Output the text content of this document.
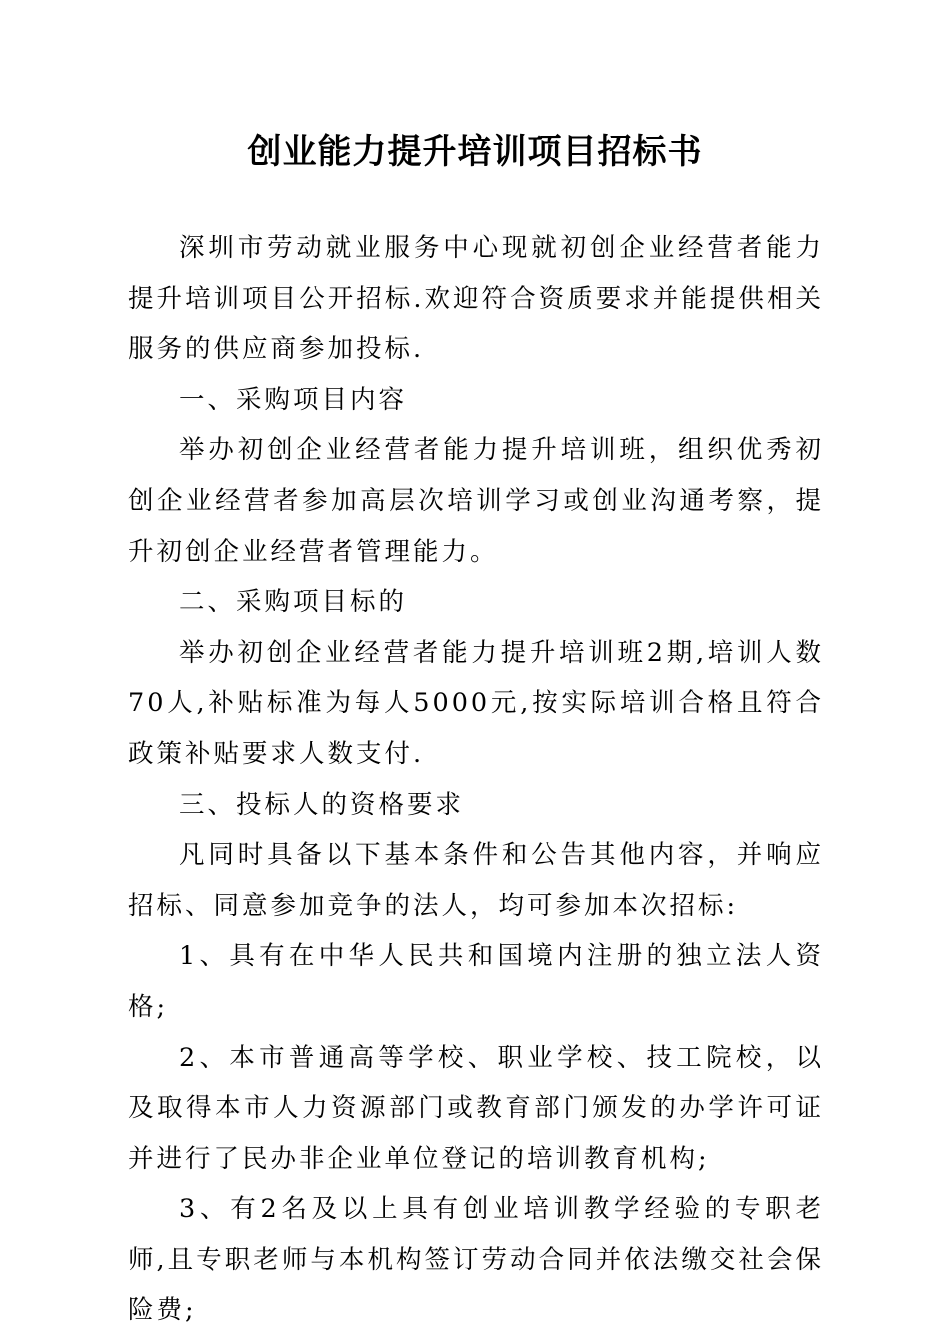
创业能力提升培训项目招标书

深圳市劳动就业服务中心现就初创企业经营者能力提升培训项目公开招标.欢迎符合资质要求并能提供相关服务的供应商参加投标.

一、采购项目内容

举办初创企业经营者能力提升培训班，组织优秀初创企业经营者参加高层次培训学习或创业沟通考察，提升初创企业经营者管理能力。

二、采购项目标的

举办初创企业经营者能力提升培训班2期,培训人数70人,补贴标准为每人5000元,按实际培训合格且符合政策补贴要求人数支付.

三、投标人的资格要求

凡同时具备以下基本条件和公告其他内容，并响应招标、同意参加竞争的法人，均可参加本次招标:

1、具有在中华人民共和国境内注册的独立法人资格;

2、本市普通高等学校、职业学校、技工院校，以及取得本市人力资源部门或教育部门颁发的办学许可证并进行了民办非企业单位登记的培训教育机构;

3、有2名及以上具有创业培训教学经验的专职老师,且专职老师与本机构签订劳动合同并依法缴交社会保险费;
